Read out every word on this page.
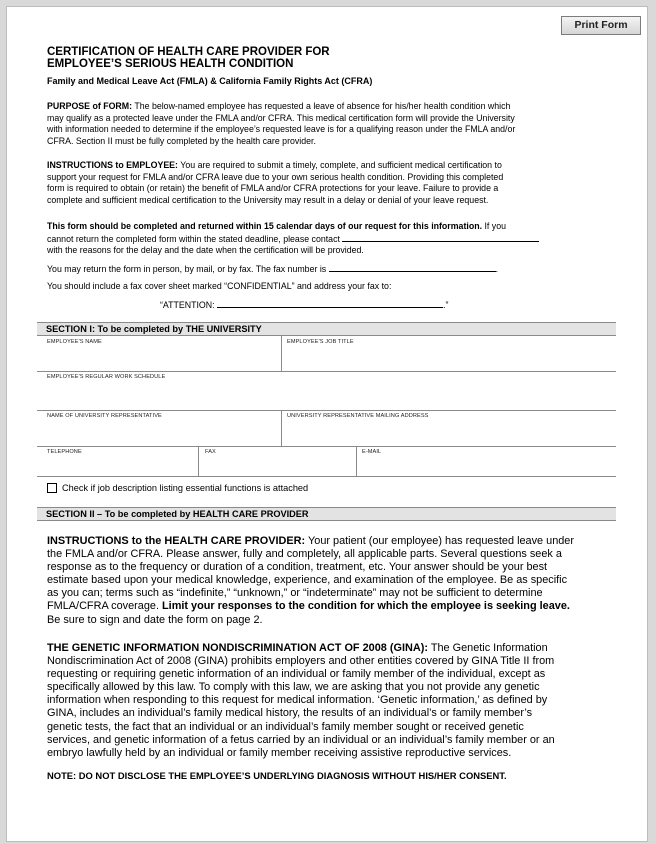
Print Form
CERTIFICATION OF HEALTH CARE PROVIDER FOR
EMPLOYEE’S SERIOUS HEALTH CONDITION
Family and Medical Leave Act (FMLA) & California Family Rights Act (CFRA)
PURPOSE of FORM: The below-named employee has requested a leave of absence for his/her health condition which
may qualify as a protected leave under the FMLA and/or CFRA. This medical certification form will provide the University
with information needed to determine if the employee’s requested leave is for a qualifying reason under the FMLA and/or
CFRA. Section II must be fully completed by the health care provider.
INSTRUCTIONS to EMPLOYEE: You are required to submit a timely, complete, and sufficient medical certification to
support your request for FMLA and/or CFRA leave due to your own serious health condition. Providing this completed
form is required to obtain (or retain) the benefit of FMLA and/or CFRA protections for your leave. Failure to provide a
complete and sufficient medical certification to the University may result in a delay or denial of your leave request.
This form should be completed and returned within 15 calendar days of our request for this information. If you
cannot return the completed form within the stated deadline, please contact
with the reasons for the delay and the date when the certification will be provided.
You may return the form in person, by mail, or by fax. The fax number is	.
You should include a fax cover sheet marked “CONFIDENTIAL” and address your fax to:
“ATTENTION:	.”
SECTION I: To be completed by THE UNIVERSITY
EMPLOYEE'S NAME	EMPLOYEE'S JOB TITLE
EMPLOYEE'S REGULAR WORK SCHEDULE
NAME OF UNIVERSITY REPRESENTATIVE	UNIVERSITY REPRESENTATIVE MAILING ADDRESS
TELEPHONE	FAX	E-MAIL
Check if job description listing essential functions is attached
SECTION II – To be completed by HEALTH CARE PROVIDER
INSTRUCTIONS to the HEALTH CARE PROVIDER: Your patient (our employee) has requested leave under
the FMLA and/or CFRA. Please answer, fully and completely, all applicable parts. Several questions seek a
response as to the frequency or duration of a condition, treatment, etc. Your answer should be your best
estimate based upon your medical knowledge, experience, and examination of the employee. Be as specific
as you can; terms such as “indefinite,” “unknown,” or “indeterminate” may not be sufficient to determine
FMLA/CFRA coverage. Limit your responses to the condition for which the employee is seeking leave.
Be sure to sign and date the form on page 2.
THE GENETIC INFORMATION NONDISCRIMINATION ACT OF 2008 (GINA): The Genetic Information
Nondiscrimination Act of 2008 (GINA) prohibits employers and other entities covered by GINA Title II from
requesting or requiring genetic information of an individual or family member of the individual, except as
specifically allowed by this law. To comply with this law, we are asking that you not provide any genetic
information when responding to this request for medical information. ‘Genetic information,’ as defined by
GINA, includes an individual’s family medical history, the results of an individual’s or family member’s
genetic tests, the fact that an individual or an individual’s family member sought or received genetic
services, and genetic information of a fetus carried by an individual or an individual’s family member or an
embryo lawfully held by an individual or family member receiving assistive reproductive services.
NOTE: DO NOT DISCLOSE THE EMPLOYEE’S UNDERLYING DIAGNOSIS WITHOUT HIS/HER CONSENT.
